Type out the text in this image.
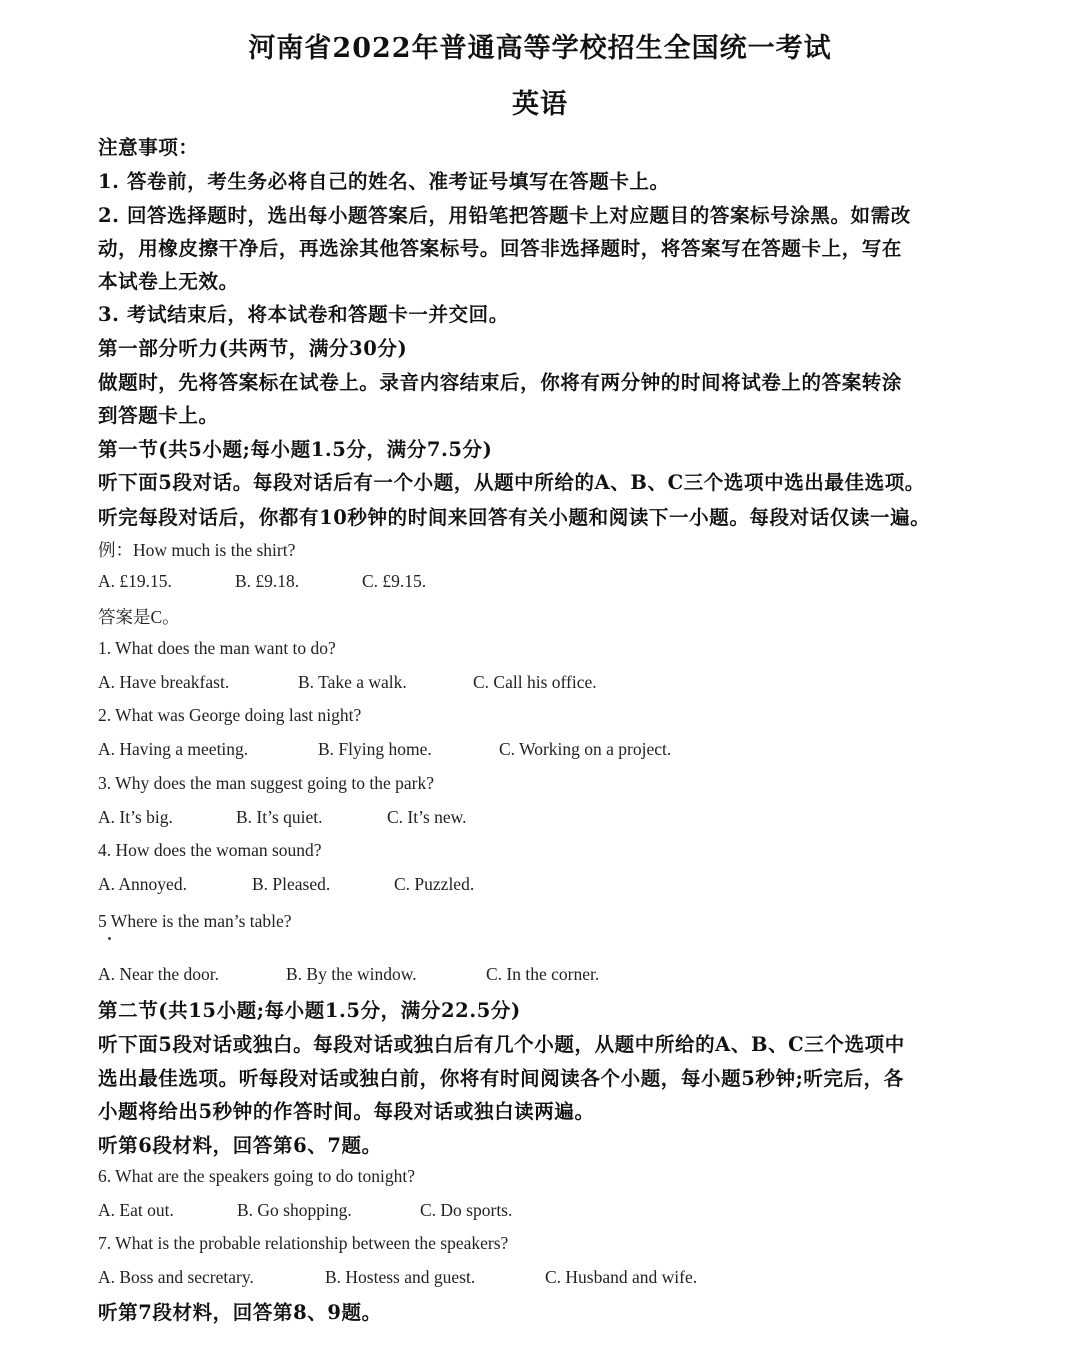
河南省2022年普通高等学校招生全国统一考试
英语
注意事项：
1. 答卷前，考生务必将自己的姓名、准考证号填写在答题卡上。
2. 回答选择题时，选出每小题答案后，用铅笔把答题卡上对应题目的答案标号涂黑。如需改
动，用橡皮擦干净后，再选涂其他答案标号。回答非选择题时，将答案写在答题卡上，写在
本试卷上无效。
3. 考试结束后，将本试卷和答题卡一并交回。
第一部分听力(共两节，满分30分)
做题时，先将答案标在试卷上。录音内容结束后，你将有两分钟的时间将试卷上的答案转涂
到答题卡上。
第一节(共5小题;每小题1.5分，满分7.5分)
听下面5段对话。每段对话后有一个小题，从题中所给的A、B、C三个选项中选出最佳选项。
听完每段对话后，你都有10秒钟的时间来回答有关小题和阅读下一小题。每段对话仅读一遍。
例：How much is the shirt?
A. £19.15.	B. £9.18.	C. £9.15.
答案是C。
1. What does the man want to do?
A. Have breakfast.	B. Take a walk.	C. Call his office.
2. What was George doing last night?
A. Having a meeting.	B. Flying home.	C. Working on a project.
3. Why does the man suggest going to the park?
A. It’s big.	B. It’s quiet.	C. It’s new.
4. How does the woman sound?
A. Annoyed.	B. Pleased.	C. Puzzled.
5 Where is the man’s table?
A. Near the door.	B. By the window.	C. In the corner.
第二节(共15小题;每小题1.5分，满分22.5分)
听下面5段对话或独白。每段对话或独白后有几个小题，从题中所给的A、B、C三个选项中
选出最佳选项。听每段对话或独白前，你将有时间阅读各个小题，每小题5秒钟;听完后，各
小题将给出5秒钟的作答时间。每段对话或独白读两遍。
听第6段材料，回答第6、7题。
6. What are the speakers going to do tonight?
A. Eat out.	B. Go shopping.	C. Do sports.
7. What is the probable relationship between the speakers?
A. Boss and secretary.	B. Hostess and guest.	C. Husband and wife.
听第7段材料，回答第8、9题。
